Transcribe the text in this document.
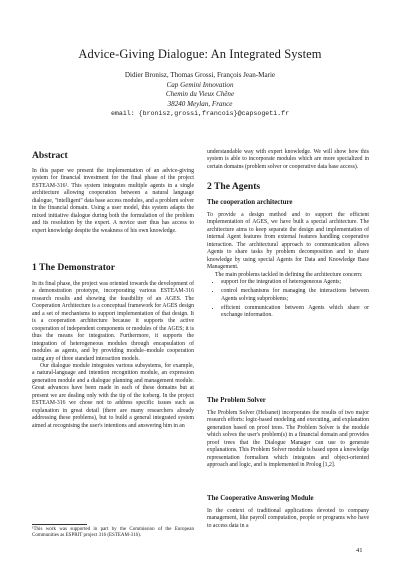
Advice-Giving Dialogue: An Integrated System
Didier Bronisz, Thomas Grossi, François Jean-Marie
Cap Gemini Innovation
Chemin du Vieux Chêne
38240 Meylan, France
email: {bronisz,grossi,francois}@capsogeti.fr
Abstract

In this paper we present the implementation of an advice-giving system for financial investment for the final phase of the project ESTEAM-316¹. This system integrates multiple agents in a single architecture allowing cooperation between a natural language dialogue, "intelligent" data base access modules, and a problem solver in the financial domain. Using a user model, this system adapts the mixed initiative dialogue during both the formulation of the problem and its resolution by the expert. A novice user thus has access to expert knowledge despite the weakness of his own knowledge.

1 The Demonstrator

In its final phase, the project was oriented towards the development of a demonstration prototype, incorporating various ESTEAM-316 research results and showing the feasibility of an AGES. The Cooperation Architecture is a conceptual framework for AGES design and a set of mechanisms to support implementation of that design. It is a cooperation architecture because it supports the active cooperation of independent components or modules of the AGES; it is thus the means for integration. Furthermore, it supports the integration of heterogeneous modules through encapsulation of modules as agents, and by providing module–module cooperation using any of three standard interaction models.

Our dialogue module integrates various subsystems, for example, a natural-language and intention recognition module, an expression generation module and a dialogue planning and management module. Great advances have been made in each of these domains but at present we are dealing only with the tip of the iceberg. In the project ESTEAM-316 we chose not to address specific issues such as explanation in great detail (there are many researchers already addressing these problems), but to build a general integrated system aimed at recognising the user's intentions and answering him in an

¹This work was supported in part by the Commission of the European Communities as ESPRIT project 316 (ESTEAM-316).

understandable way with expert knowledge. We will show how this system is able to incorporate modules which are more specialized in certain domains (problem solver or cooperative data base access).

2 The Agents
The cooperation architecture

To provide a design method and to support the efficient implementation of AGES, we have built a special architecture. The architecture aims to keep separate the design and implementation of internal Agent features from external features handling cooperative interaction. The architectural approach to communication allows Agents to share tasks by problem decomposition and to share knowledge by using special Agents for Data and Knowledge Base Management.

The main problems tackled in defining the architecture concern:

• support for the integration of heterogeneous Agents;
• control mechanisms for managing the interactions between Agents solving subproblems;
• efficient communication between Agents which share or exchange information.
The Problem Solver

The Problem Solver (Helsanet) incorporates the results of two major research efforts: logic-based modeling and executing, and explanation generation based on proof trees. The Problem Solver is the module which solves the user's problem(s) in a financial domain and provides proof trees that the Dialogue Manager can use to generate explanations. This Problem Solver module is based upon a knowledge representation formalism which integrates and object-oriented approach and logic, and is implemented in Prolog [1,2].

The Cooperative Answering Module

In the context of traditional applications devoted to company management, like payroll computation, people or programs who have to access data in a

41
